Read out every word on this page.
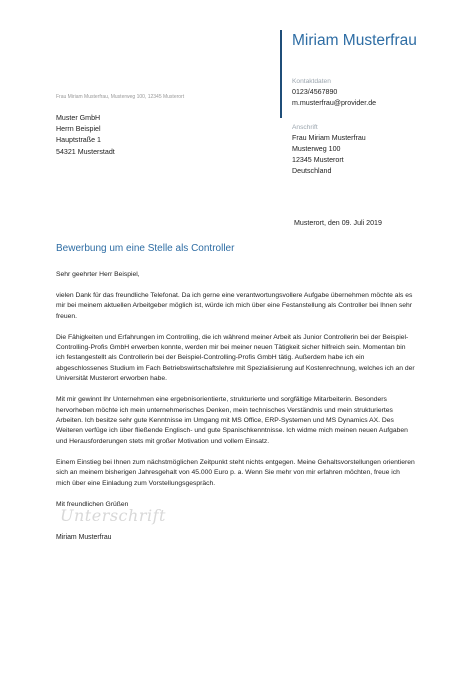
Miriam Musterfrau
Kontaktdaten
0123/4567890
m.musterfrau@provider.de
Anschrift
Frau Miriam Musterfrau
Musterweg 100
12345 Musterort
Deutschland
Frau Miriam Musterfrau, Musterweg 100, 12345 Musterort
Muster GmbH
Herrn Beispiel
Hauptstraße 1
54321 Musterstadt
Musterort, den 09. Juli 2019
Bewerbung um eine Stelle als Controller

Sehr geehrter Herr Beispiel,

vielen Dank für das freundliche Telefonat. Da ich gerne eine verantwortungsvollere Aufgabe übernehmen möchte als es mir bei meinem aktuellen Arbeitgeber möglich ist, würde ich mich über eine Festanstellung als Controller bei Ihnen sehr freuen.

Die Fähigkeiten und Erfahrungen im Controlling, die ich während meiner Arbeit als Junior Controllerin bei der Beispiel-Controlling-Profis GmbH erwerben konnte, werden mir bei meiner neuen Tätigkeit sicher hilfreich sein. Momentan bin ich festangestellt als Controllerin bei der Beispiel-Controlling-Profis GmbH tätig. Außerdem habe ich ein abgeschlossenes Studium im Fach Betriebswirtschaftslehre mit Spezialisierung auf Kostenrechnung, welches ich an der Universität Musterort erworben habe.

Mit mir gewinnt Ihr Unternehmen eine ergebnisorientierte, strukturierte und sorgfältige Mitarbeiterin. Besonders hervorheben möchte ich mein unternehmerisches Denken, mein technisches Verständnis und mein strukturiertes Arbeiten. Ich besitze sehr gute Kenntnisse im Umgang mit MS Office, ERP-Systemen und MS Dynamics AX. Des Weiteren verfüge ich über fließende Englisch- und gute Spanischkenntnisse. Ich widme mich meinen neuen Aufgaben und Herausforderungen stets mit großer Motivation und vollem Einsatz.

Einem Einstieg bei Ihnen zum nächstmöglichen Zeitpunkt steht nichts entgegen. Meine Gehaltsvorstellungen orientieren sich an meinem bisherigen Jahresgehalt von 45.000 Euro p. a. Wenn Sie mehr von mir erfahren möchten, freue ich mich über eine Einladung zum Vorstellungsgespräch.

Mit freundlichen Grüßen

Unterschrift
Miriam Musterfrau
